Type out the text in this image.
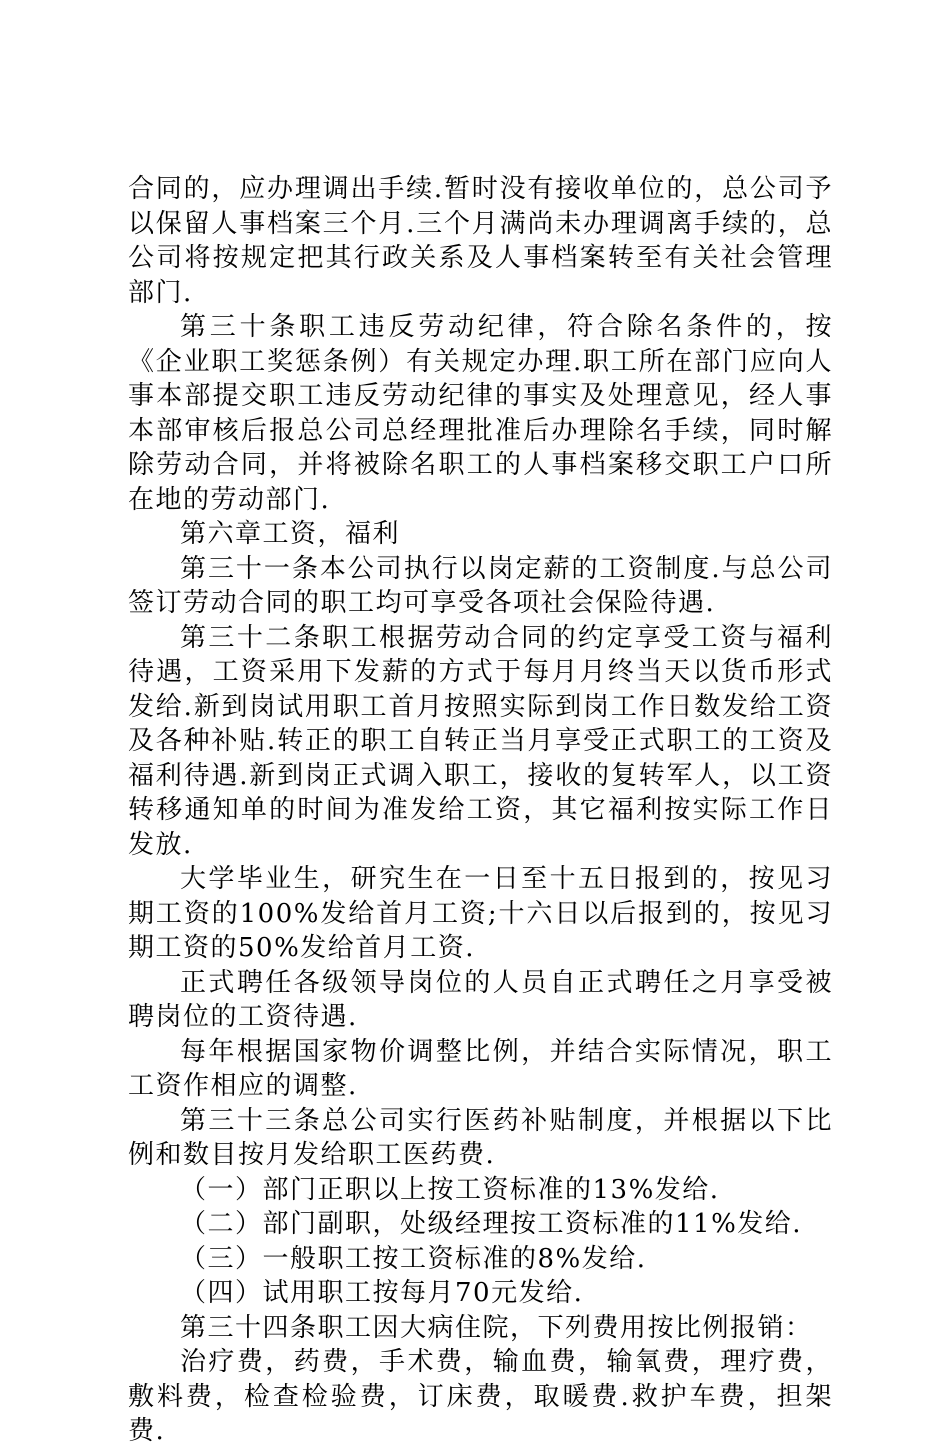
合同的，应办理调出手续.暂时没有接收单位的，总公司予以保留人事档案三个月.三个月满尚未办理调离手续的，总公司将按规定把其行政关系及人事档案转至有关社会管理部门.

第三十条职工违反劳动纪律，符合除名条件的，按《企业职工奖惩条例）有关规定办理.职工所在部门应向人事本部提交职工违反劳动纪律的事实及处理意见，经人事本部审核后报总公司总经理批准后办理除名手续，同时解除劳动合同，并将被除名职工的人事档案移交职工户口所在地的劳动部门.

第六章工资，福利

第三十一条本公司执行以岗定薪的工资制度.与总公司签订劳动合同的职工均可享受各项社会保险待遇.

第三十二条职工根据劳动合同的约定享受工资与福利待遇，工资采用下发薪的方式于每月月终当天以货币形式发给.新到岗试用职工首月按照实际到岗工作日数发给工资及各种补贴.转正的职工自转正当月享受正式职工的工资及福利待遇.新到岗正式调入职工，接收的复转军人，以工资转移通知单的时间为准发给工资，其它福利按实际工作日发放.

大学毕业生，研究生在一日至十五日报到的，按见习期工资的100%发给首月工资;十六日以后报到的，按见习期工资的50%发给首月工资.

正式聘任各级领导岗位的人员自正式聘任之月享受被聘岗位的工资待遇.

每年根据国家物价调整比例，并结合实际情况，职工工资作相应的调整.

第三十三条总公司实行医药补贴制度，并根据以下比例和数目按月发给职工医药费.

（一）部门正职以上按工资标准的13%发给.

（二）部门副职，处级经理按工资标准的11%发给.

（三）一般职工按工资标准的8%发给.

（四）试用职工按每月70元发给.

第三十四条职工因大病住院，下列费用按比例报销：

治疗费，药费，手术费，输血费，输氧费，理疗费，敷料费，检查检验费，订床费，取暖费.救护车费，担架费.
